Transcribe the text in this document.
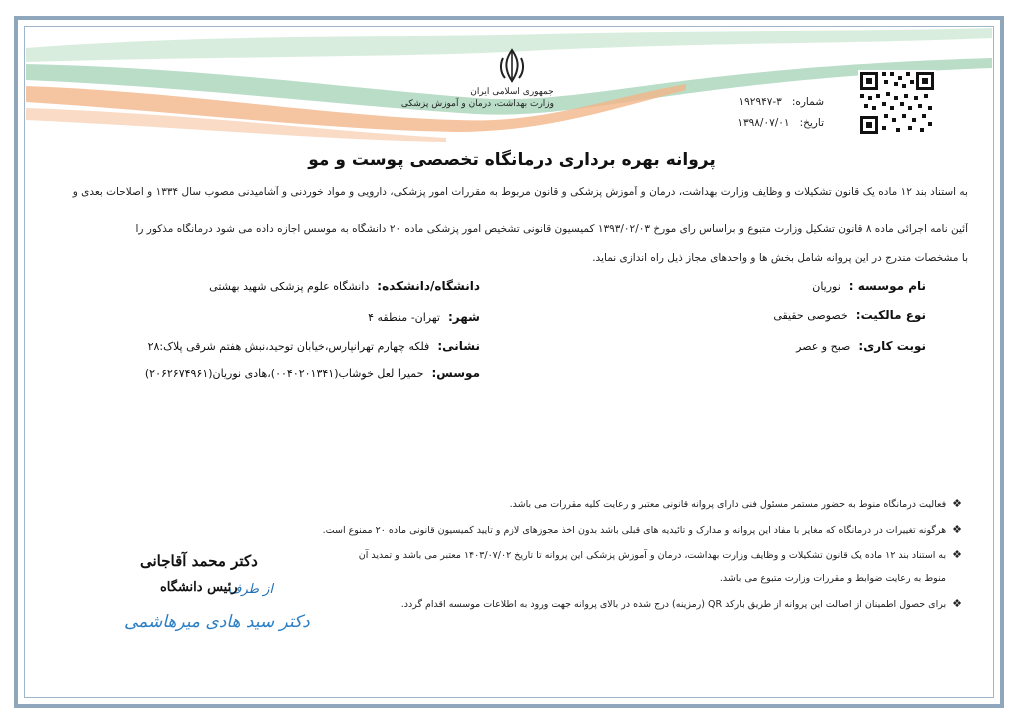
جمهوری اسلامی ایران
وزارت بهداشت، درمان و آموزش پزشکی	شماره:۳-۱۹۲۹۴۷
تاریخ:۱۳۹۸/۰۷/۰۱
پروانه بهره برداری درمانگاه تخصصی پوست و مو
به استناد بند ۱۲ ماده یک قانون تشکیلات و وظایف وزارت بهداشت، درمان و آموزش پزشکی و قانون مربوط به مقررات امور پزشکی، دارویی و مواد خوردنی و آشامیدنی مصوب سال ۱۳۳۴ و اصلاحات بعدی و
آئین نامه اجرائی ماده ۸ قانون تشکیل وزارت متبوع و براساس رای مورخ ۱۳۹۳/۰۲/۰۳ کمیسیون قانونی تشخیص امور پزشکی ماده ۲۰ دانشگاه به موسس اجازه داده می شود درمانگاه مذکور را
با مشخصات مندرج در این پروانه شامل بخش ها و واحدهای مجاز ذیل راه اندازی نماید.
نام موسسه :نوریان
دانشگاه/دانشکده:دانشگاه علوم پزشکی شهید بهشتی
نوع مالکیت:خصوصی حقیقی
شهر:تهران- منطقه ۴
نوبت کاری:صبح و عصر
نشانی:فلکه چهارم تهرانپارس،خیابان توحید،نبش هفتم شرقی پلاک:۲۸
موسس:حمیرا لعل خوشاب(۰۰۴۰۲۰۱۳۴۱)،هادی نوریان(۲۰۶۲۶۷۴۹۶۱)
❖فعالیت درمانگاه منوط به حضور مستمر مسئول فنی دارای پروانه قانونی معتبر و رعایت کلیه مقررات می باشد.
❖هرگونه تغییرات در درمانگاه که مغایر با مفاد این پروانه و مدارک و تائیدیه های قبلی باشد بدون اخذ مجوزهای لازم و تایید کمیسیون قانونی ماده ۲۰ ممنوع است.
❖به استناد بند ۱۲ ماده یک قانون تشکیلات و وظایف وزارت بهداشت، درمان و آموزش پزشکی این پروانه تا تاریخ ۱۴۰۳/۰۷/۰۲ معتبر می باشد و تمدید آن
منوط به رعایت ضوابط و مقررات وزارت متبوع می باشد.
❖برای حصول اطمینان از اصالت این پروانه از طریق بارکد QR (رمزینه) درج شده در بالای پروانه جهت ورود به اطلاعات موسسه اقدام گردد.
دکتر محمد آقاجانی
از طرف
رئیس دانشگاه
دکتر سید هادی میرهاشمی
